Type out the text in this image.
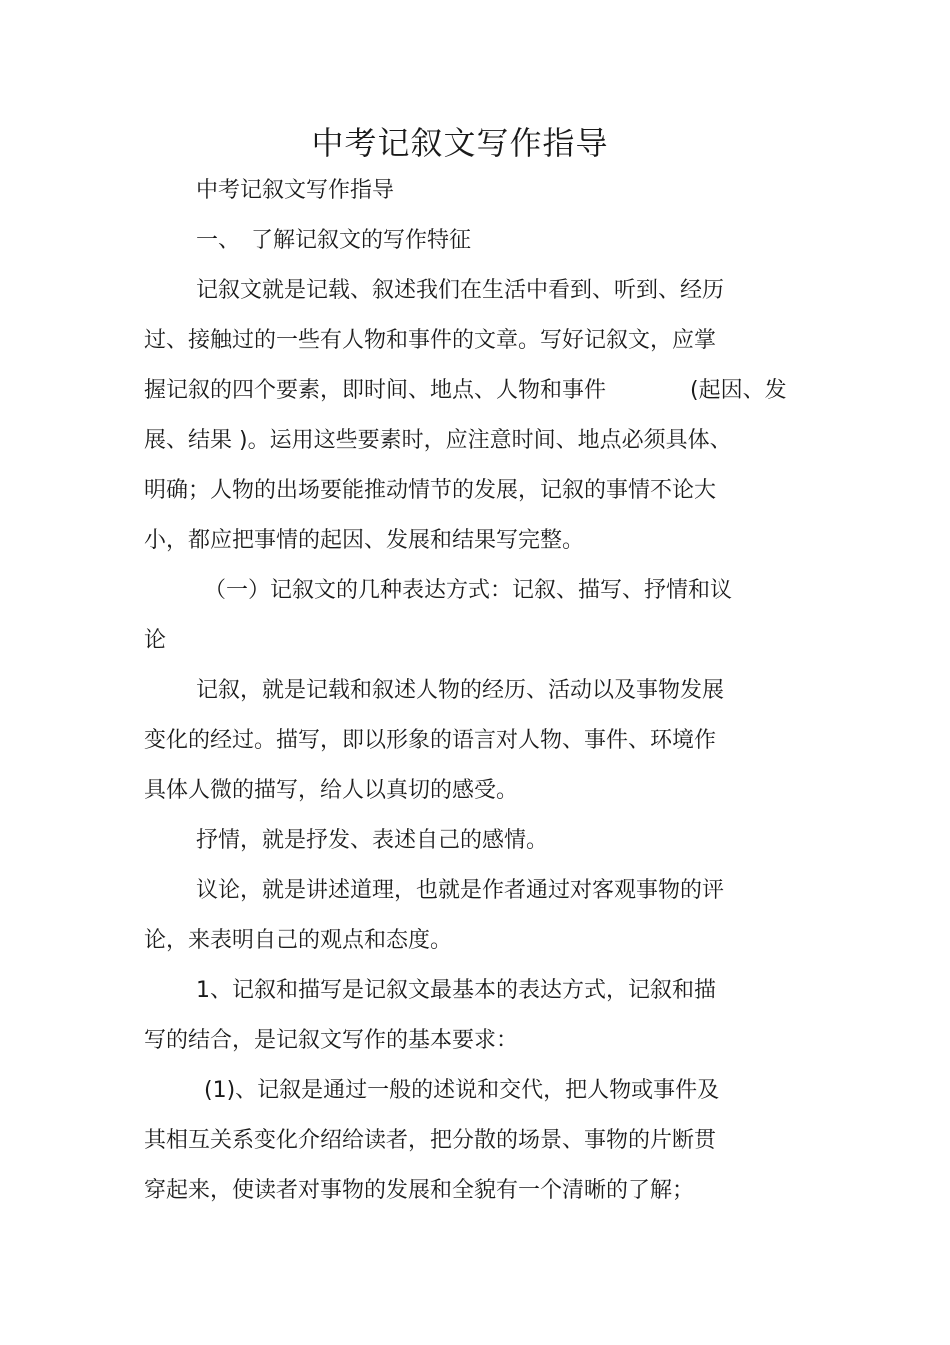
中考记叙文写作指导
中考记叙文写作指导
一、　了解记叙文的写作特征
记叙文就是记载、叙述我们在生活中看到、听到、经历
过、接触过的一些有人物和事件的文章。写好记叙文，应掌
握记叙的四个要素，即时间、地点、人物和事件	(起因、发
展、结果 )。运用这些要素时，应注意时间、地点必须具体、
明确；人物的出场要能推动情节的发展，记叙的事情不论大
小，都应把事情的起因、发展和结果写完整。
（一）记叙文的几种表达方式：记叙、描写、抒情和议
论
记叙，就是记载和叙述人物的经历、活动以及事物发展
变化的经过。描写，即以形象的语言对人物、事件、环境作
具体人微的描写，给人以真切的感受。
抒情，就是抒发、表述自己的感情。
议论，就是讲述道理，也就是作者通过对客观事物的评
论，来表明自己的观点和态度。
1、记叙和描写是记叙文最基本的表达方式，记叙和描
写的结合，是记叙文写作的基本要求：
(1)、记叙是通过一般的述说和交代，把人物或事件及
其相互关系变化介绍给读者，把分散的场景、事物的片断贯
穿起来，使读者对事物的发展和全貌有一个清晰的了解；
